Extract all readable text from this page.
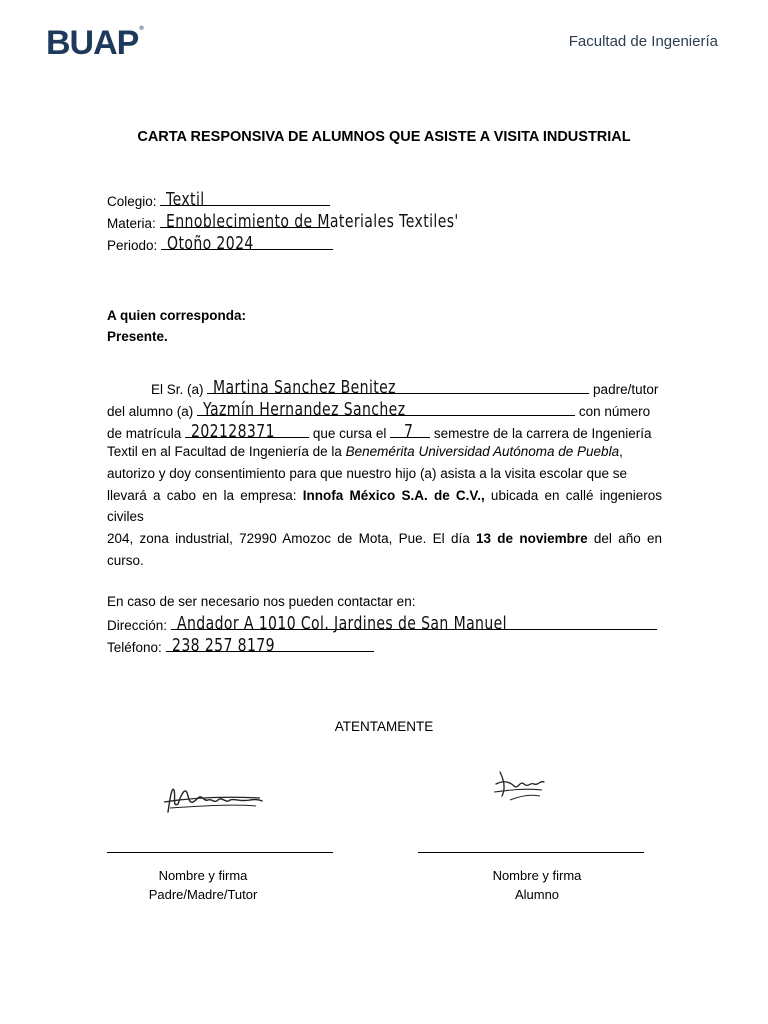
BUAP®
Facultad de Ingeniería
CARTA RESPONSIVA DE ALUMNOS QUE ASISTE A VISITA INDUSTRIAL
Colegio: Textil
Materia: Ennoblecimiento de Materiales Textiles'
Periodo: Otoño 2024
A quien corresponda:
Presente.
El Sr. (a) Martina Sanchez Benitez	padre/tutor
del alumno (a) Yazmín Hernandez Sanchez	con número
de matrícula 202128371	que cursa el 7 semestre de la carrera de Ingeniería
Textil en al Facultad de Ingeniería de la Benemérita Universidad Autónoma de Puebla,
autorizo y doy consentimiento para que nuestro hijo (a) asista a la visita escolar que se
llevará a cabo en la empresa: Innofa México S.A. de C.V., ubicada en callé ingenieros civiles
204, zona industrial, 72990 Amozoc de Mota, Pue. El día 13 de noviembre del año en curso.
En caso de ser necesario nos pueden contactar en:
Dirección: Andador A 1010 Col. Jardines de San Manuel
Teléfono: 238 257 8179
ATENTAMENTE
Nombre y firma
Padre/Madre/Tutor
Nombre y firma
Alumno
